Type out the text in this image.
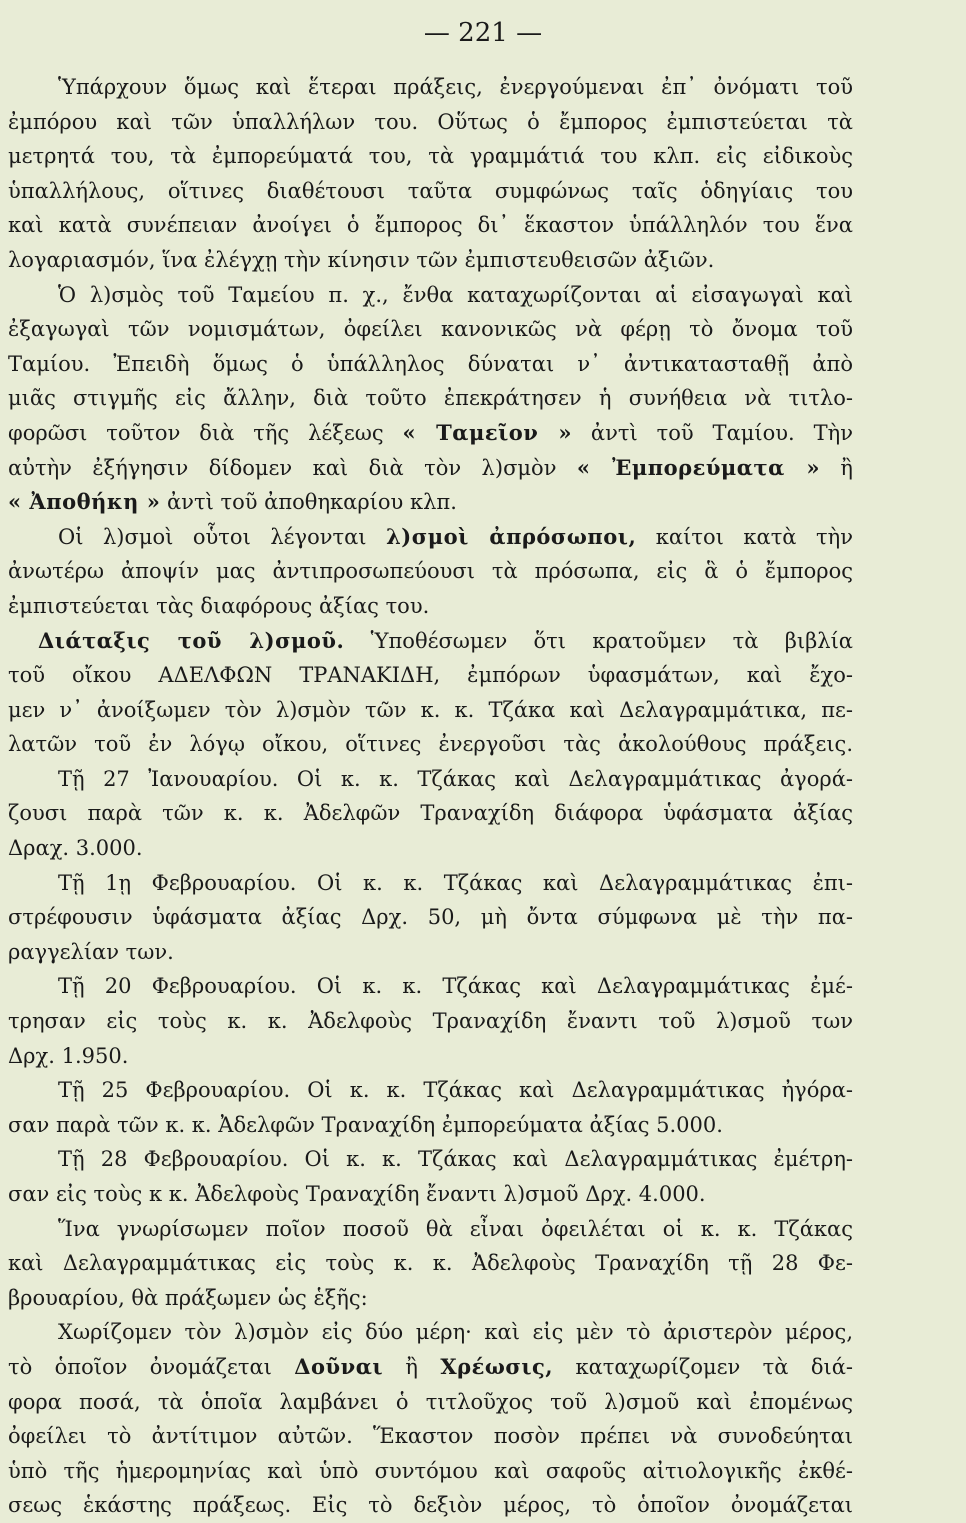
— 221 —
Ὑπάρχουν ὅμως καὶ ἕτεραι πράξεις, ἐνεργούμεναι ἐπ᾽ ὀνόματι τοῦ
ἐμπόρου καὶ τῶν ὑπαλλήλων του. Οὕτως ὁ ἔμπορος ἐμπιστεύεται τὰ
μετρητά του, τὰ ἐμπορεύματά του, τὰ γραμμάτιά του κλπ. εἰς εἰδικοὺς
ὑπαλλήλους, οἵτινες διαθέτουσι ταῦτα συμφώνως ταῖς ὁδηγίαις του
καὶ κατὰ συνέπειαν ἀνοίγει ὁ ἔμπορος δι᾽ ἕκαστον ὑπάλληλόν του ἕνα
λογαριασμόν, ἵνα ἐλέγχῃ τὴν κίνησιν τῶν ἐμπιστευθεισῶν ἀξιῶν.
Ὁ λ)σμὸς τοῦ Ταμείου π. χ., ἔνθα καταχωρίζονται αἱ εἰσαγωγαὶ καὶ
ἐξαγωγαὶ τῶν νομισμάτων, ὀφείλει κανονικῶς νὰ φέρῃ τὸ ὄνομα τοῦ
Ταμίου. Ἐπειδὴ ὅμως ὁ ὑπάλληλος δύναται ν᾽ ἀντικατασταθῇ ἀπὸ
μιᾶς στιγμῆς εἰς ἄλλην, διὰ τοῦτο ἐπεκράτησεν ἡ συνήθεια νὰ τιτλο-
φορῶσι τοῦτον διὰ τῆς λέξεως « Ταμεῖον » ἀντὶ τοῦ Ταμίου. Τὴν
αὐτὴν ἐξήγησιν δίδομεν καὶ διὰ τὸν λ)σμὸν « Ἐμπορεύματα » ἢ
« Ἀποθήκη » ἀντὶ τοῦ ἀποθηκαρίου κλπ.
Οἱ λ)σμοὶ οὗτοι λέγονται λ)σμοὶ ἀπρόσωποι, καίτοι κατὰ τὴν
ἀνωτέρω ἀποψίν μας ἀντιπροσωπεύουσι τὰ πρόσωπα, εἰς ἃ ὁ ἔμπορος
ἐμπιστεύεται τὰς διαφόρους ἀξίας του.
Διάταξις τοῦ λ)σμοῦ. Ὑποθέσωμεν ὅτι κρατοῦμεν τὰ βιβλία
τοῦ οἴκου ΑΔΕΛΦΩΝ ΤΡΑΝΑΚΙΔΗ, ἐμπόρων ὑφασμάτων, καὶ ἔχο-
μεν ν᾽ ἀνοίξωμεν τὸν λ)σμὸν τῶν κ. κ. Τζάκα καὶ Δελαγραμμάτικα, πε-
λατῶν τοῦ ἐν λόγῳ οἴκου, οἵτινες ἐνεργοῦσι τὰς ἀκολούθους πράξεις.
Τῇ 27 Ἰανουαρίου. Οἱ κ. κ. Τζάκας καὶ Δελαγραμμάτικας ἀγορά-
ζουσι παρὰ τῶν κ. κ. Ἀδελφῶν Τραναχίδη διάφορα ὑφάσματα ἀξίας
Δραχ. 3.000.
Τῇ 1ῃ Φεβρουαρίου. Οἱ κ. κ. Τζάκας καὶ Δελαγραμμάτικας ἐπι-
στρέφουσιν ὑφάσματα ἀξίας Δρχ. 50, μὴ ὄντα σύμφωνα μὲ τὴν πα-
ραγγελίαν των.
Τῇ 20 Φεβρουαρίου. Οἱ κ. κ. Τζάκας καὶ Δελαγραμμάτικας ἐμέ-
τρησαν εἰς τοὺς κ. κ. Ἀδελφοὺς Τραναχίδη ἔναντι τοῦ λ)σμοῦ των
Δρχ. 1.950.
Τῇ 25 Φεβρουαρίου. Οἱ κ. κ. Τζάκας καὶ Δελαγραμμάτικας ἠγόρα-
σαν παρὰ τῶν κ. κ. Ἀδελφῶν Τραναχίδη ἐμπορεύματα ἀξίας 5.000.
Τῇ 28 Φεβρουαρίου. Οἱ κ. κ. Τζάκας καὶ Δελαγραμμάτικας ἐμέτρη-
σαν εἰς τοὺς κ κ. Ἀδελφοὺς Τραναχίδη ἔναντι λ)σμοῦ Δρχ. 4.000.
Ἵνα γνωρίσωμεν ποῖον ποσοῦ θὰ εἶναι ὀφειλέται οἱ κ. κ. Τζάκας
καὶ Δελαγραμμάτικας εἰς τοὺς κ. κ. Ἀδελφοὺς Τραναχίδη τῇ 28 Φε-
βρουαρίου, θὰ πράξωμεν ὡς ἑξῆς:
Χωρίζομεν τὸν λ)σμὸν εἰς δύο μέρη· καὶ εἰς μὲν τὸ ἀριστερὸν μέρος,
τὸ ὁποῖον ὀνομάζεται Δοῦναι ἢ Χρέωσις, καταχωρίζομεν τὰ διά-
φορα ποσά, τὰ ὁποῖα λαμβάνει ὁ τιτλοῦχος τοῦ λ)σμοῦ καὶ ἐπομένως
ὀφείλει τὸ ἀντίτιμον αὐτῶν. Ἕκαστον ποσὸν πρέπει νὰ συνοδεύηται
ὑπὸ τῆς ἡμερομηνίας καὶ ὑπὸ συντόμου καὶ σαφοῦς αἰτιολογικῆς ἐκθέ-
σεως ἑκάστης πράξεως. Εἰς τὸ δεξιὸν μέρος, τὸ ὁποῖον ὀνομάζεται
